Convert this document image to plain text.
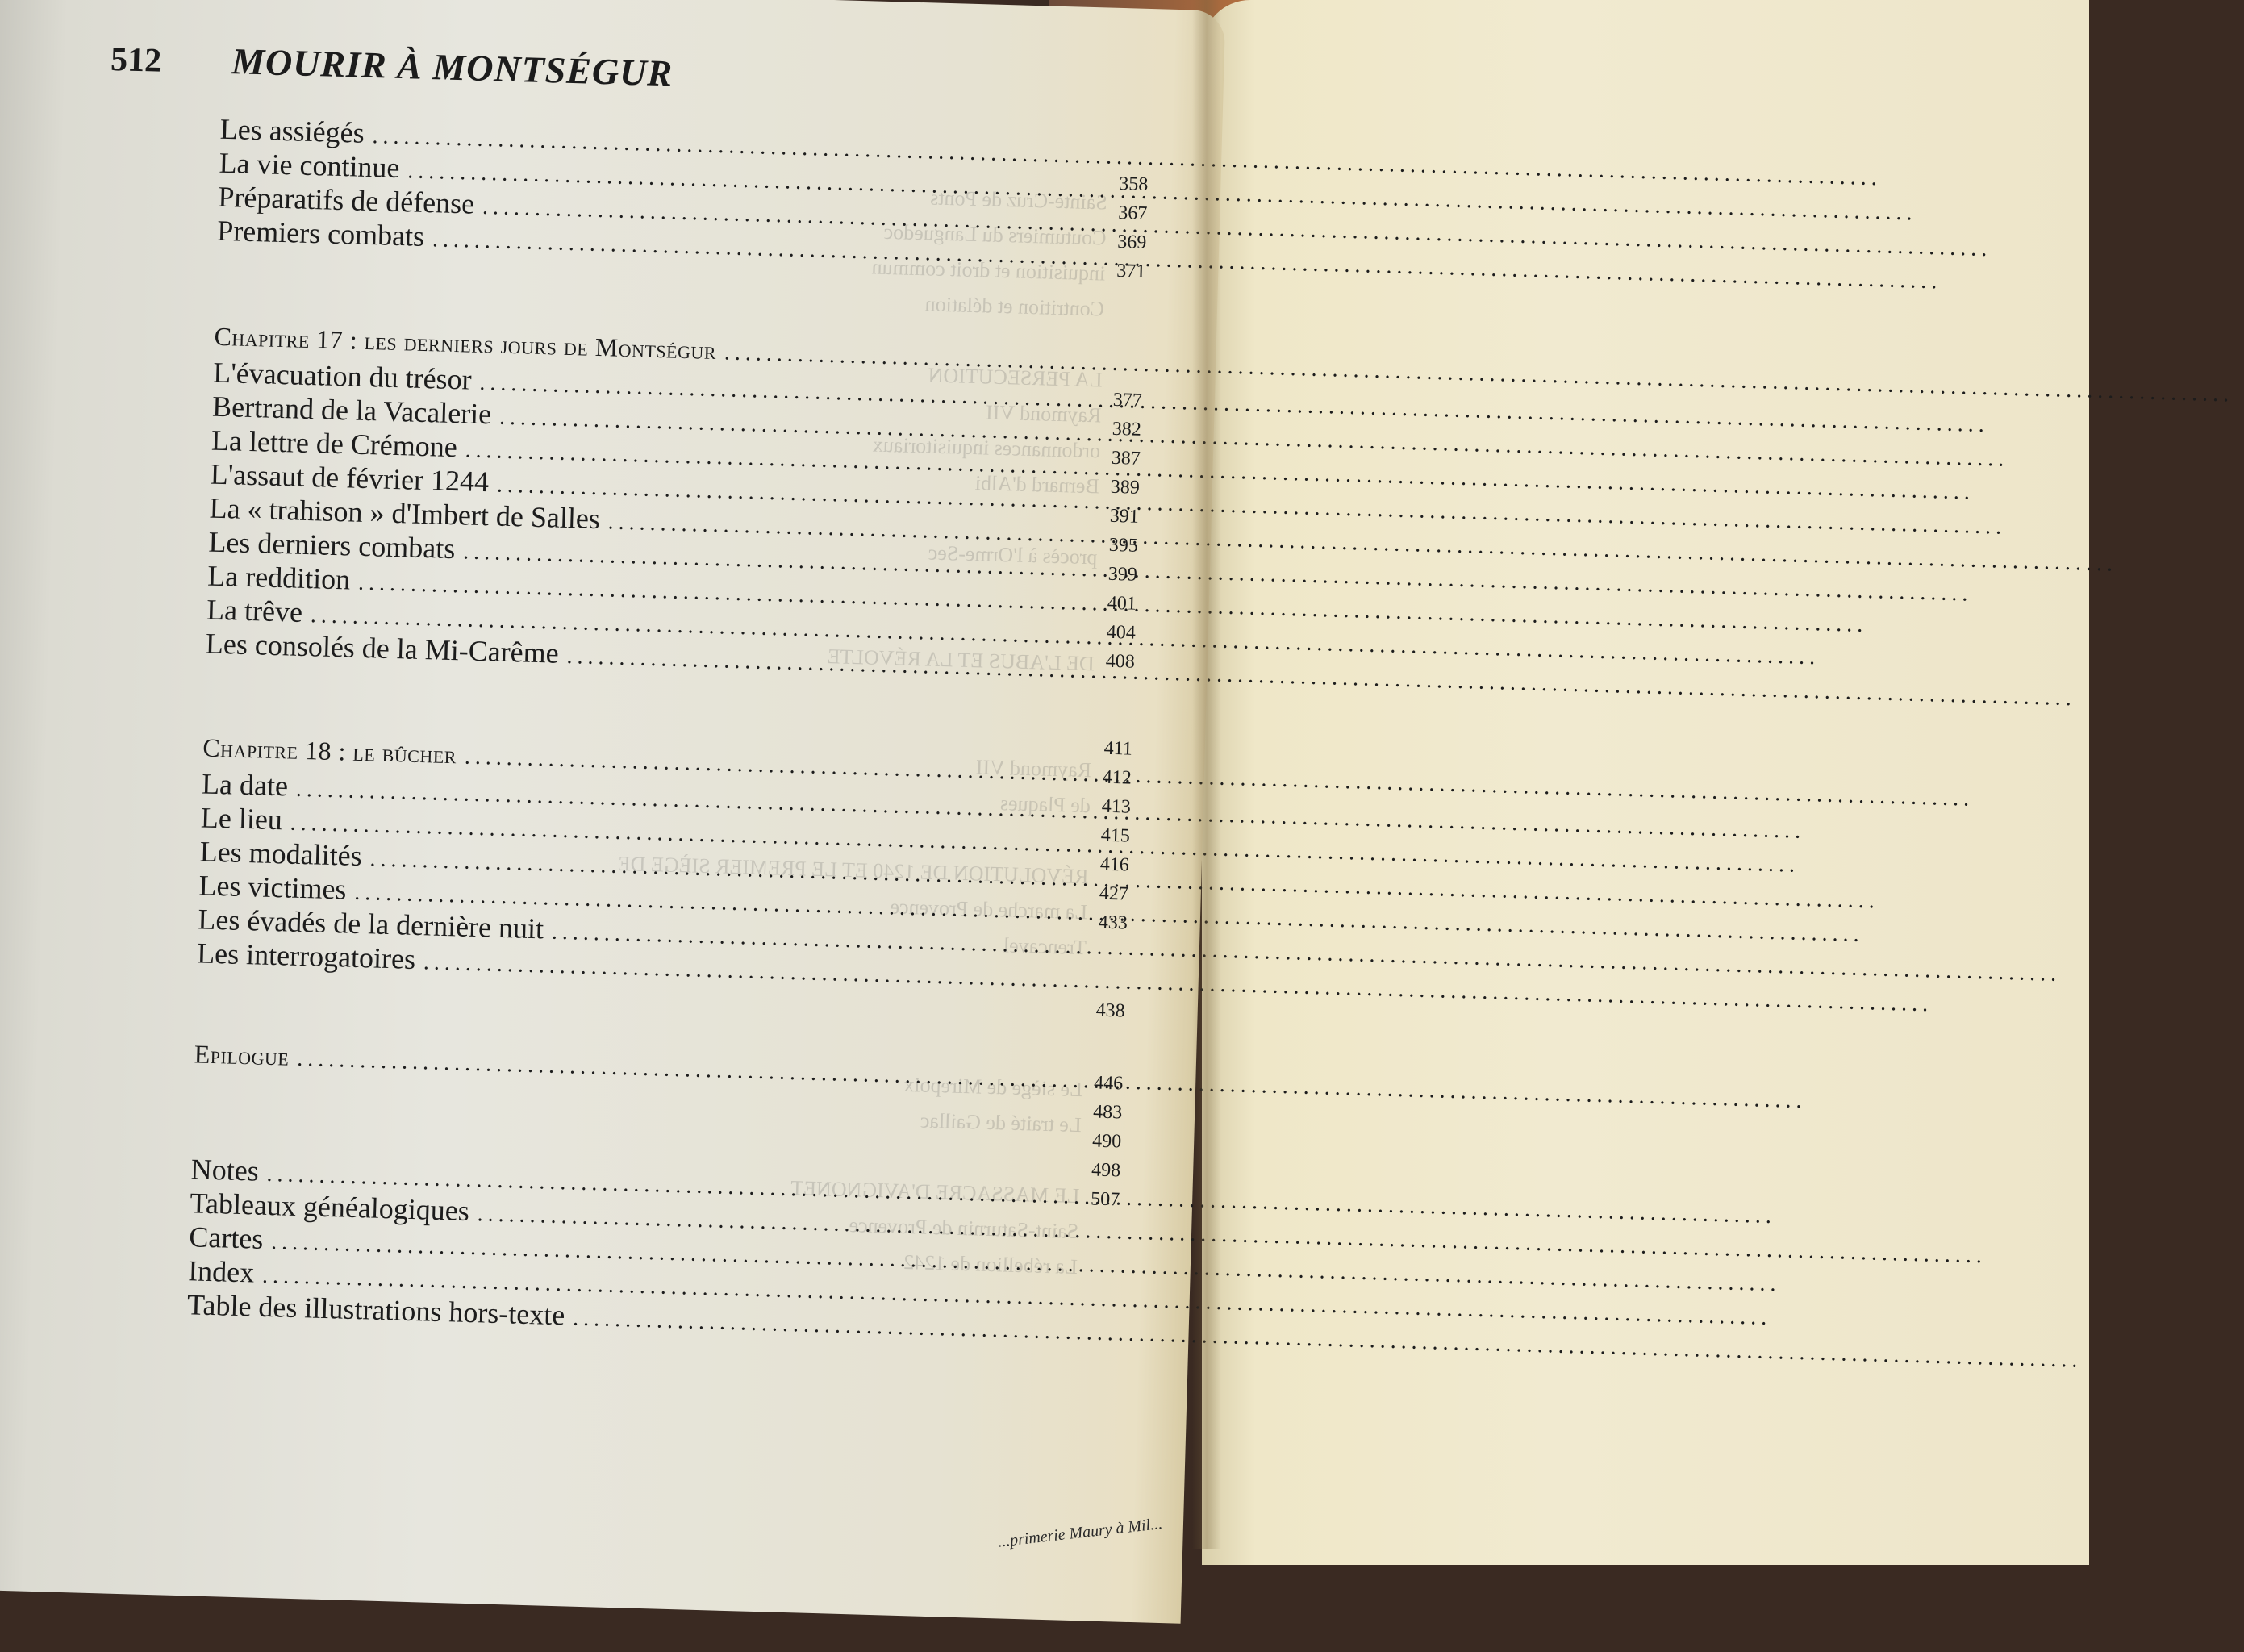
Sainte-Cruz de Ponts
Coutumiers du Languedoc
inquisition et droit commun
Contrition et délation

LA PERSECUTION
Raymond VII
ordonnances inquisitoriaux
Bernard d'Albi

procès à l'Orme-Sec

DE L'ABUS ET LA RÉVOLTE

Raymond VII
de Plaques

RÉVOLUTION DE 1240 ET LE PREMIER SIÈGE DE
La marche de Provence
Trencavel

Le siège de Mirepoix
Le traité de Gaillac

LE MASSACRE D'AVIGNONET
Saint-Saturnin de Provence
La rébellion de 1242

512	MOURIR À MONTSÉGUR
Les assiégés
.....
La vie continue
.....
Préparatifs de défense
.....
Premiers combats
.....
358
367
369
371
Chapitre 17 : les derniers jours de Montségur
.....
L'évacuation du trésor
.....
Bertrand de la Vacalerie
.....
La lettre de Crémone
.....
L'assaut de février 1244
.....
La « trahison » d'Imbert de Salles
.....
Les derniers combats
.....
La reddition
.....
La trêve
.....
Les consolés de la Mi-Carême
.....
377
382
387
389
391
395
399
401
404
408
Chapitre 18 : le bûcher
.....
La date
.....
Le lieu
.....
Les modalités
.....
Les victimes
.....
Les évadés de la dernière nuit
.....
Les interrogatoires
.....
411
412
413
415
416
427
433
438
Epilogue
.....
446
483
490
498
507
Notes
.....
Tableaux généalogiques
.....
Cartes
.....
Index
.....
Table des illustrations hors-texte
.....
...primerie Maury à Mil...
